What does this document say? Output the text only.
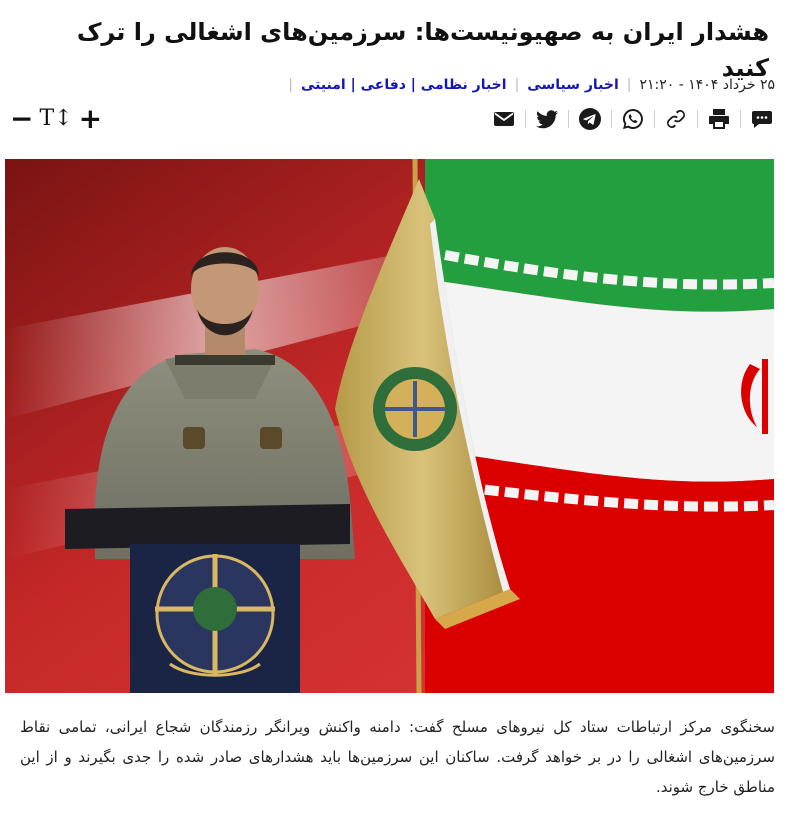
هشدار ایران به صهیونیست‌ها: سرزمین‌های اشغالی را ترک کنید
۲۵ خرداد ۱۴۰۴ - ۲۱:۲۰
|
اخبار سیاسی
|
اخبار نظامی | دفاعی | امنیتی
|
− T↕ +

سخنگوی مرکز ارتباطات ستاد کل نیروهای مسلح گفت: دامنه واکنش ویرانگر رزمندگان شجاع ایرانی، تمامی نقاط سرزمین‌های اشغالی را در بر خواهد گرفت. ساکنان این سرزمین‌ها باید هشدارهای صادر شده را جدی بگیرند و از این مناطق خارج شوند.
